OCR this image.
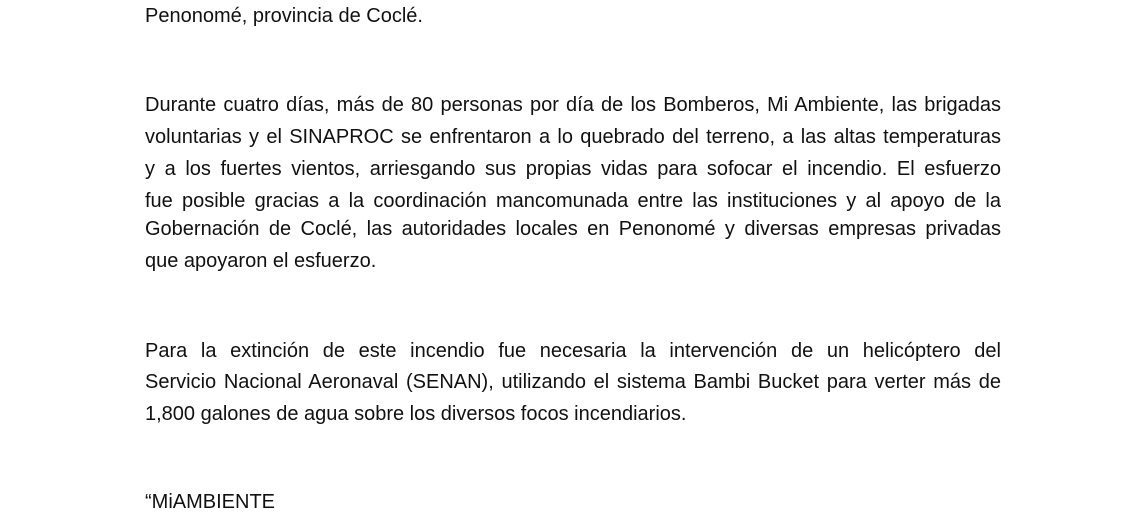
Penonomé, provincia de Coclé.
Durante cuatro días, más de 80 personas por día de los Bomberos, Mi Ambiente, las brigadas
voluntarias y el SINAPROC se enfrentaron a lo quebrado del terreno, a las altas temperaturas
y a los fuertes vientos, arriesgando sus propias vidas para sofocar el incendio. El esfuerzo
fue posible gracias a la coordinación mancomunada entre las instituciones y al apoyo de la
Gobernación de Coclé, las autoridades locales en Penonomé y diversas empresas privadas
que apoyaron el esfuerzo.
Para la extinción de este incendio fue necesaria la intervención de un helicóptero del
Servicio Nacional Aeronaval (SENAN), utilizando el sistema Bambi Bucket para verter más de
1,800 galones de agua sobre los diversos focos incendiarios.
“MiAMBIENTE
